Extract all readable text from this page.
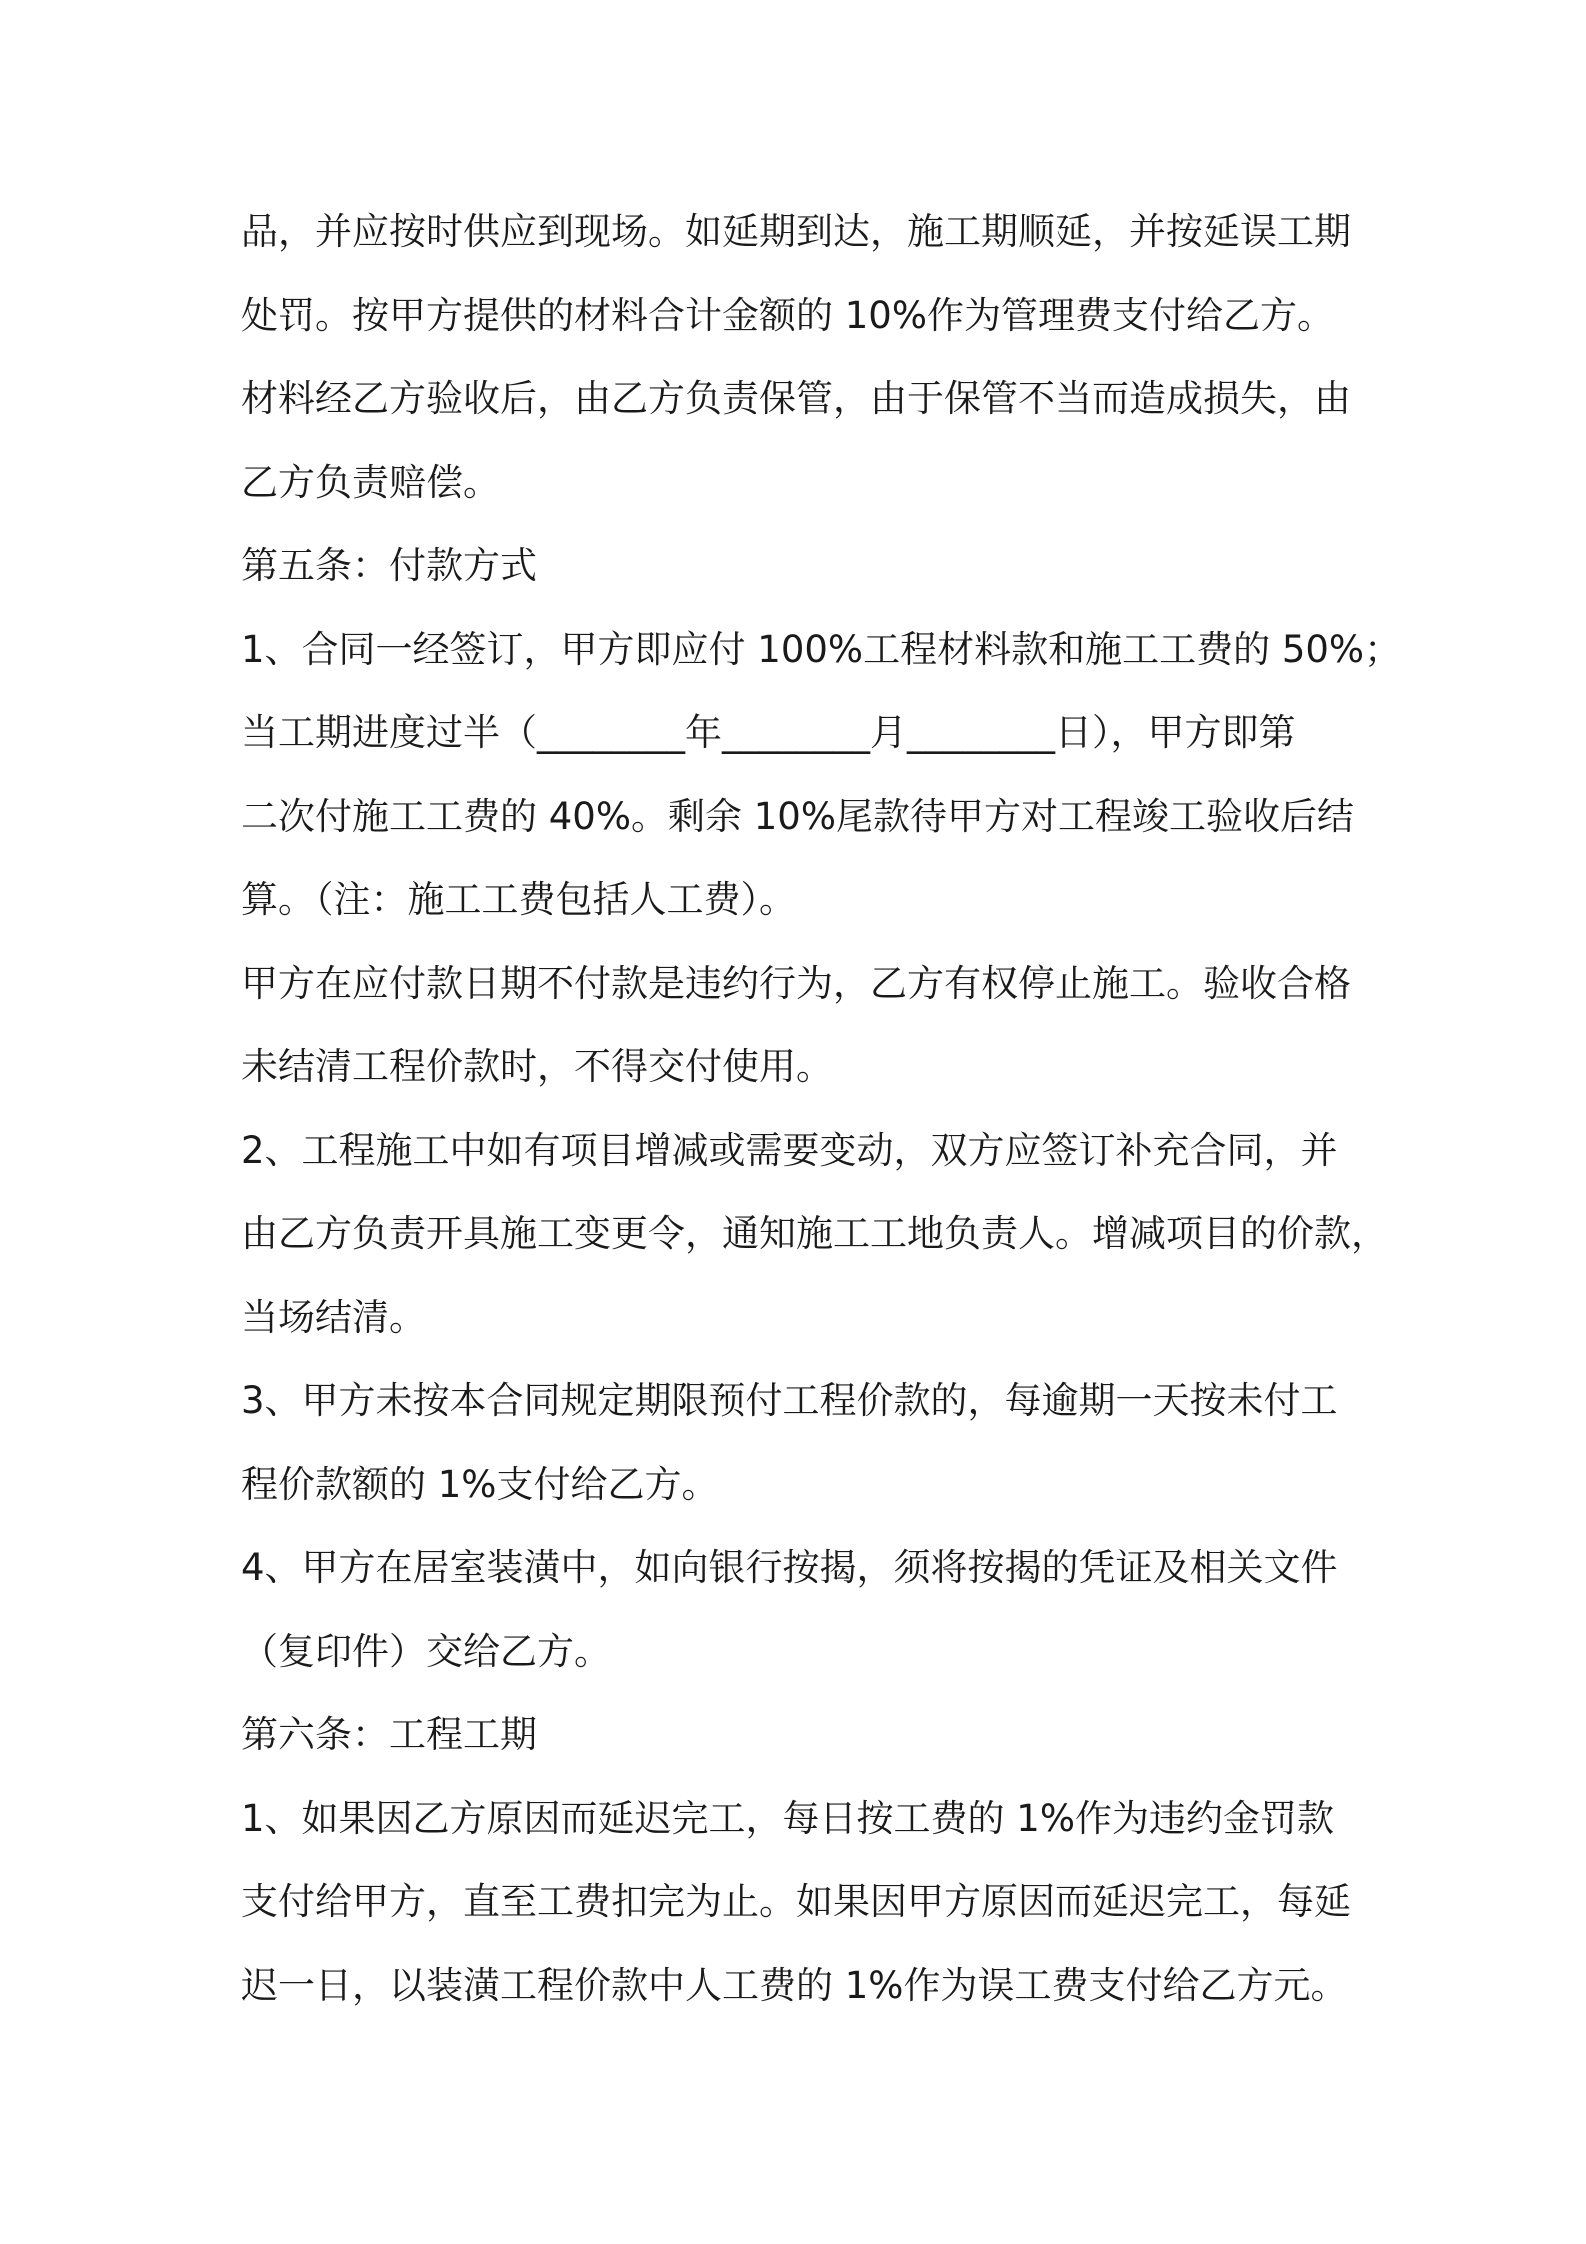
品，并应按时供应到现场。如延期到达，施工期顺延，并按延误工期
处罚。按甲方提供的材料合计金额的 10%作为管理费支付给乙方。
材料经乙方验收后，由乙方负责保管，由于保管不当而造成损失，由
乙方负责赔偿。
第五条：付款方式
1、合同一经签订，甲方即应付 100%工程材料款和施工工费的 50%；
当工期进度过半（________年________月________日），甲方即第
二次付施工工费的 40%。剩余 10%尾款待甲方对工程竣工验收后结
算。（注：施工工费包括人工费）。
甲方在应付款日期不付款是违约行为，乙方有权停止施工。验收合格
未结清工程价款时，不得交付使用。
2、工程施工中如有项目增减或需要变动，双方应签订补充合同，并
由乙方负责开具施工变更令，通知施工工地负责人。增减项目的价款，
当场结清。
3、甲方未按本合同规定期限预付工程价款的，每逾期一天按未付工
程价款额的 1%支付给乙方。
4、甲方在居室装潢中，如向银行按揭，须将按揭的凭证及相关文件
（复印件）交给乙方。
第六条：工程工期
1、如果因乙方原因而延迟完工，每日按工费的 1%作为违约金罚款
支付给甲方，直至工费扣完为止。如果因甲方原因而延迟完工，每延
迟一日，以装潢工程价款中人工费的 1%作为误工费支付给乙方元。
